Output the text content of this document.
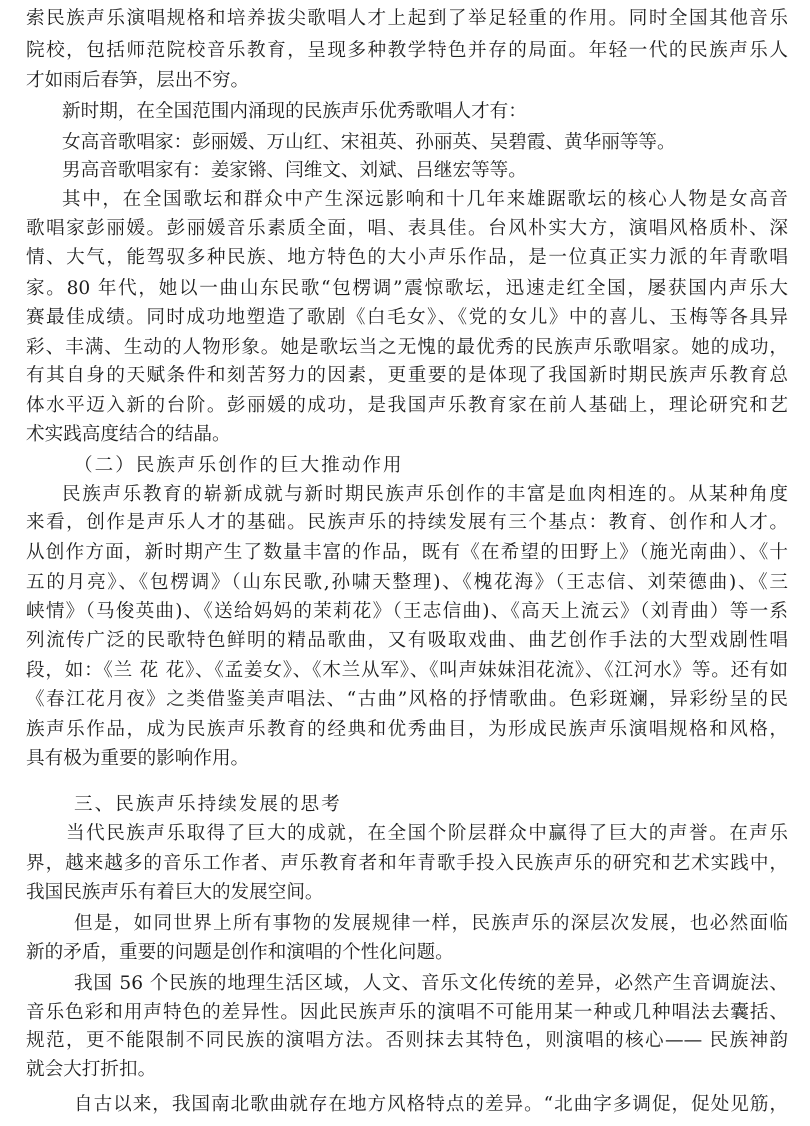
索民族声乐演唱规格和培养拔尖歌唱人才上起到了举足轻重的作用。同时全国其他音乐
院校，包括师范院校音乐教育，呈现多种教学特色并存的局面。年轻一代的民族声乐人
才如雨后春笋，层出不穷。
新时期，在全国范围内涌现的民族声乐优秀歌唱人才有：
女高音歌唱家：彭丽媛、万山红、宋祖英、孙丽英、吴碧霞、黄华丽等等。
男高音歌唱家有：姜家锵、闫维文、刘斌、吕继宏等等。
其中，在全国歌坛和群众中产生深远影响和十几年来雄踞歌坛的核心人物是女高音
歌唱家彭丽媛。彭丽媛音乐素质全面，唱、表具佳。台风朴实大方，演唱风格质朴、深
情、大气，能驾驭多种民族、地方特色的大小声乐作品，是一位真正实力派的年青歌唱
家。80 年代，她以一曲山东民歌“包楞调”震惊歌坛，迅速走红全国，屡获国内声乐大
赛最佳成绩。同时成功地塑造了歌剧《白毛女》、《党的女儿》中的喜儿、玉梅等各具异
彩、丰满、生动的人物形象。她是歌坛当之无愧的最优秀的民族声乐歌唱家。她的成功，
有其自身的天赋条件和刻苦努力的因素，更重要的是体现了我国新时期民族声乐教育总
体水平迈入新的台阶。彭丽媛的成功，是我国声乐教育家在前人基础上，理论研究和艺
术实践高度结合的结晶。
（二）民族声乐创作的巨大推动作用
民族声乐教育的崭新成就与新时期民族声乐创作的丰富是血肉相连的。从某种角度
来看，创作是声乐人才的基础。民族声乐的持续发展有三个基点：教育、创作和人才。
从创作方面，新时期产生了数量丰富的作品，既有《在希望的田野上》（施光南曲）、《十
五的月亮》、《包楞调》（山东民歌,孙啸天整理)、《槐花海》（王志信、刘荣德曲)、《三
峡情》（马俊英曲)、《送给妈妈的茉莉花》（王志信曲)、《高天上流云》（刘青曲）等一系
列流传广泛的民歌特色鲜明的精品歌曲，又有吸取戏曲、曲艺创作手法的大型戏剧性唱
段，如：《兰 花 花》、《孟姜女》、《木兰从军》、《叫声妹妹泪花流》、《江河水》等。还有如
《春江花月夜》之类借鉴美声唱法、“古曲”风格的抒情歌曲。色彩斑斓，异彩纷呈的民
族声乐作品，成为民族声乐教育的经典和优秀曲目，为形成民族声乐演唱规格和风格，
具有极为重要的影响作用。
三、民族声乐持续发展的思考
当代民族声乐取得了巨大的成就，在全国个阶层群众中赢得了巨大的声誉。在声乐
界，越来越多的音乐工作者、声乐教育者和年青歌手投入民族声乐的研究和艺术实践中，
我国民族声乐有着巨大的发展空间。
但是，如同世界上所有事物的发展规律一样，民族声乐的深层次发展，也必然面临
新的矛盾，重要的问题是创作和演唱的个性化问题。
我国 56 个民族的地理生活区域，人文、音乐文化传统的差异，必然产生音调旋法、
音乐色彩和用声特色的差异性。因此民族声乐的演唱不可能用某一种或几种唱法去囊括、
规范，更不能限制不同民族的演唱方法。否则抹去其特色，则演唱的核心—— 民族神韵
就会大打折扣。
自古以来，我国南北歌曲就存在地方风格特点的差异。“北曲字多调促，促处见筋，
